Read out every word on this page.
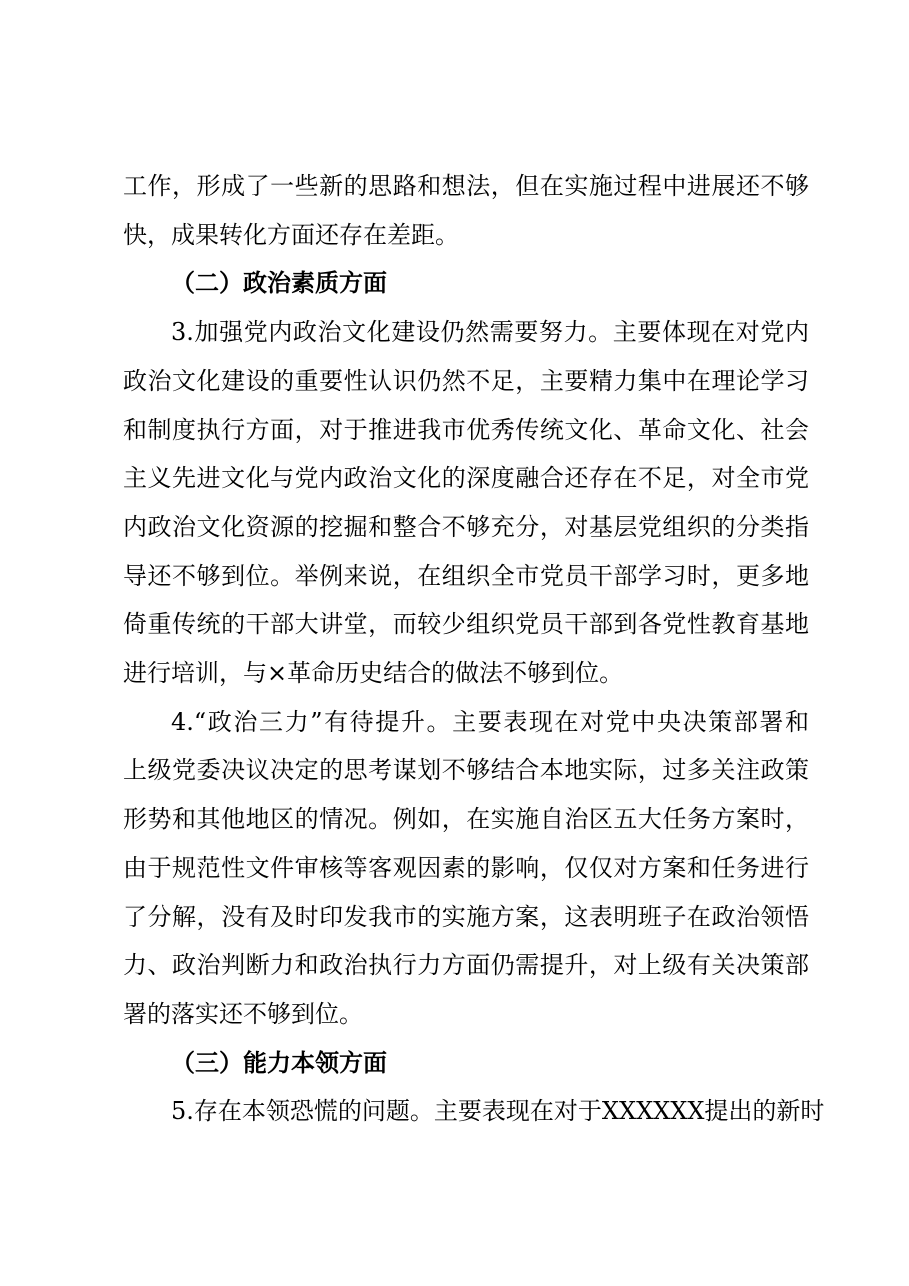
工作，形成了一些新的思路和想法，但在实施过程中进展还不够
快，成果转化方面还存在差距。
（二）政治素质方面
3.加强党内政治文化建设仍然需要努力。主要体现在对党内
政治文化建设的重要性认识仍然不足，主要精力集中在理论学习
和制度执行方面，对于推进我市优秀传统文化、革命文化、社会
主义先进文化与党内政治文化的深度融合还存在不足，对全市党
内政治文化资源的挖掘和整合不够充分，对基层党组织的分类指
导还不够到位。举例来说，在组织全市党员干部学习时，更多地
倚重传统的干部大讲堂，而较少组织党员干部到各党性教育基地
进行培训，与×革命历史结合的做法不够到位。
4.“政治三力”有待提升。主要表现在对党中央决策部署和
上级党委决议决定的思考谋划不够结合本地实际，过多关注政策
形势和其他地区的情况。例如，在实施自治区五大任务方案时，
由于规范性文件审核等客观因素的影响，仅仅对方案和任务进行
了分解，没有及时印发我市的实施方案，这表明班子在政治领悟
力、政治判断力和政治执行力方面仍需提升，对上级有关决策部
署的落实还不够到位。
（三）能力本领方面
5.存在本领恐慌的问题。主要表现在对于XXXXXX提出的新时
